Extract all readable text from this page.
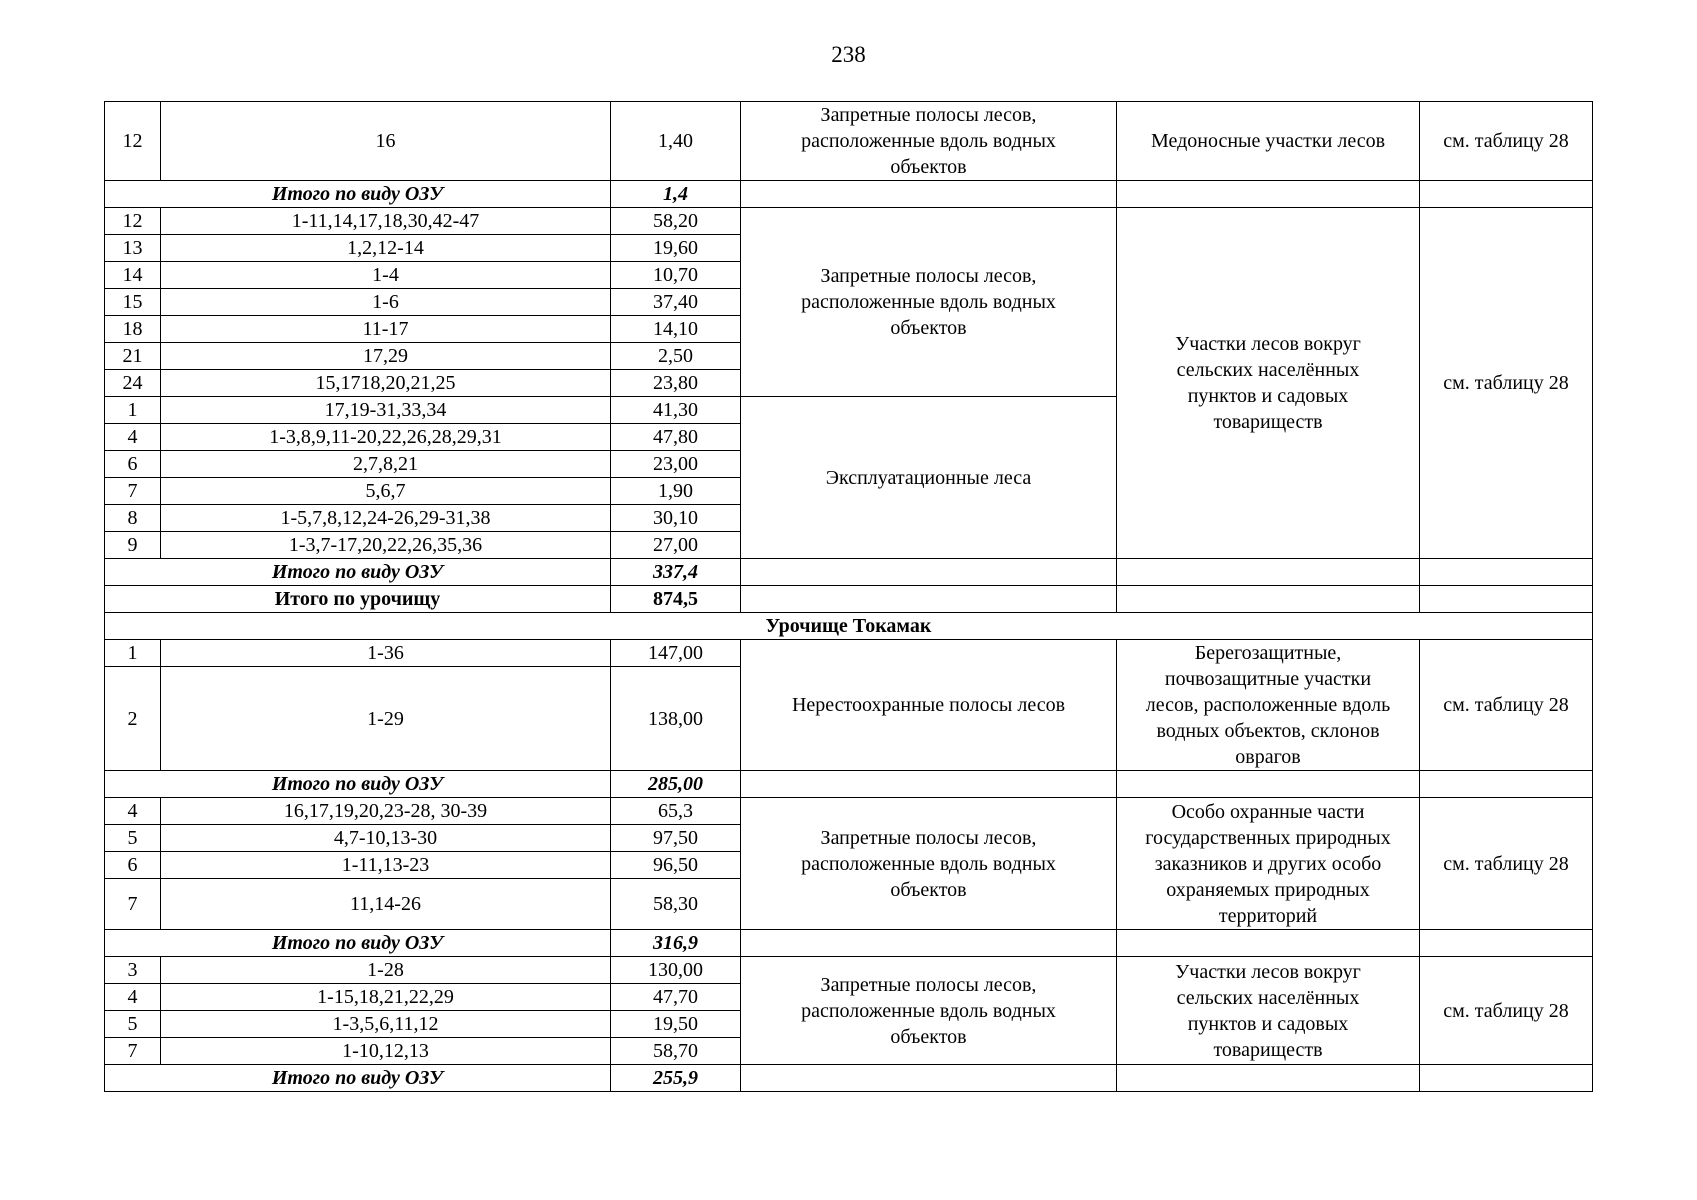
238
12	16	1,40	Запретные полосы лесов,
расположенные вдоль водных
объектов	Медоносные участки лесов	см. таблицу 28
Итого по виду ОЗУ		1,4			
12	1-11,14,17,18,30,42-47	58,20	Запретные полосы лесов,
расположенные вдоль водных
объектов	Участки лесов вокруг
сельских населённых
пунктов и садовых
товариществ	см. таблицу 28
13	1,2,12-14	19,60			
14	1-4	10,70			
15	1-6	37,40			
18	11-17	14,10			
21	17,29	2,50			
24	15,1718,20,21,25	23,80			
1	17,19-31,33,34	41,30	Эксплуатационные леса		
4	1-3,8,9,11-20,22,26,28,29,31	47,80			
6	2,7,8,21	23,00			
7	5,6,7	1,90			
8	1-5,7,8,12,24-26,29-31,38	30,10			
9	1-3,7-17,20,22,26,35,36	27,00			
Итого по виду ОЗУ		337,4			
Итого по урочищу		874,5			
Урочище Токамак					
1	1-36	147,00	Нерестоохранные полосы лесов	Берегозащитные,
почвозащитные участки
лесов, расположенные вдоль
водных объектов, склонов
оврагов	см. таблицу 28
2	1-29	138,00			
Итого по виду ОЗУ		285,00			
4	16,17,19,20,23-28, 30-39	65,3	Запретные полосы лесов,
расположенные вдоль водных
объектов	Особо охранные части
государственных природных
заказников и других особо
охраняемых природных
территорий	см. таблицу 28
5	4,7-10,13-30	97,50			
6	1-11,13-23	96,50			
7	11,14-26	58,30			
Итого по виду ОЗУ		316,9			
3	1-28	130,00	Запретные полосы лесов,
расположенные вдоль водных
объектов	Участки лесов вокруг
сельских населённых
пунктов и садовых
товариществ	см. таблицу 28
4	1-15,18,21,22,29	47,70			
5	1-3,5,6,11,12	19,50			
7	1-10,12,13	58,70			
Итого по виду ОЗУ		255,9			
